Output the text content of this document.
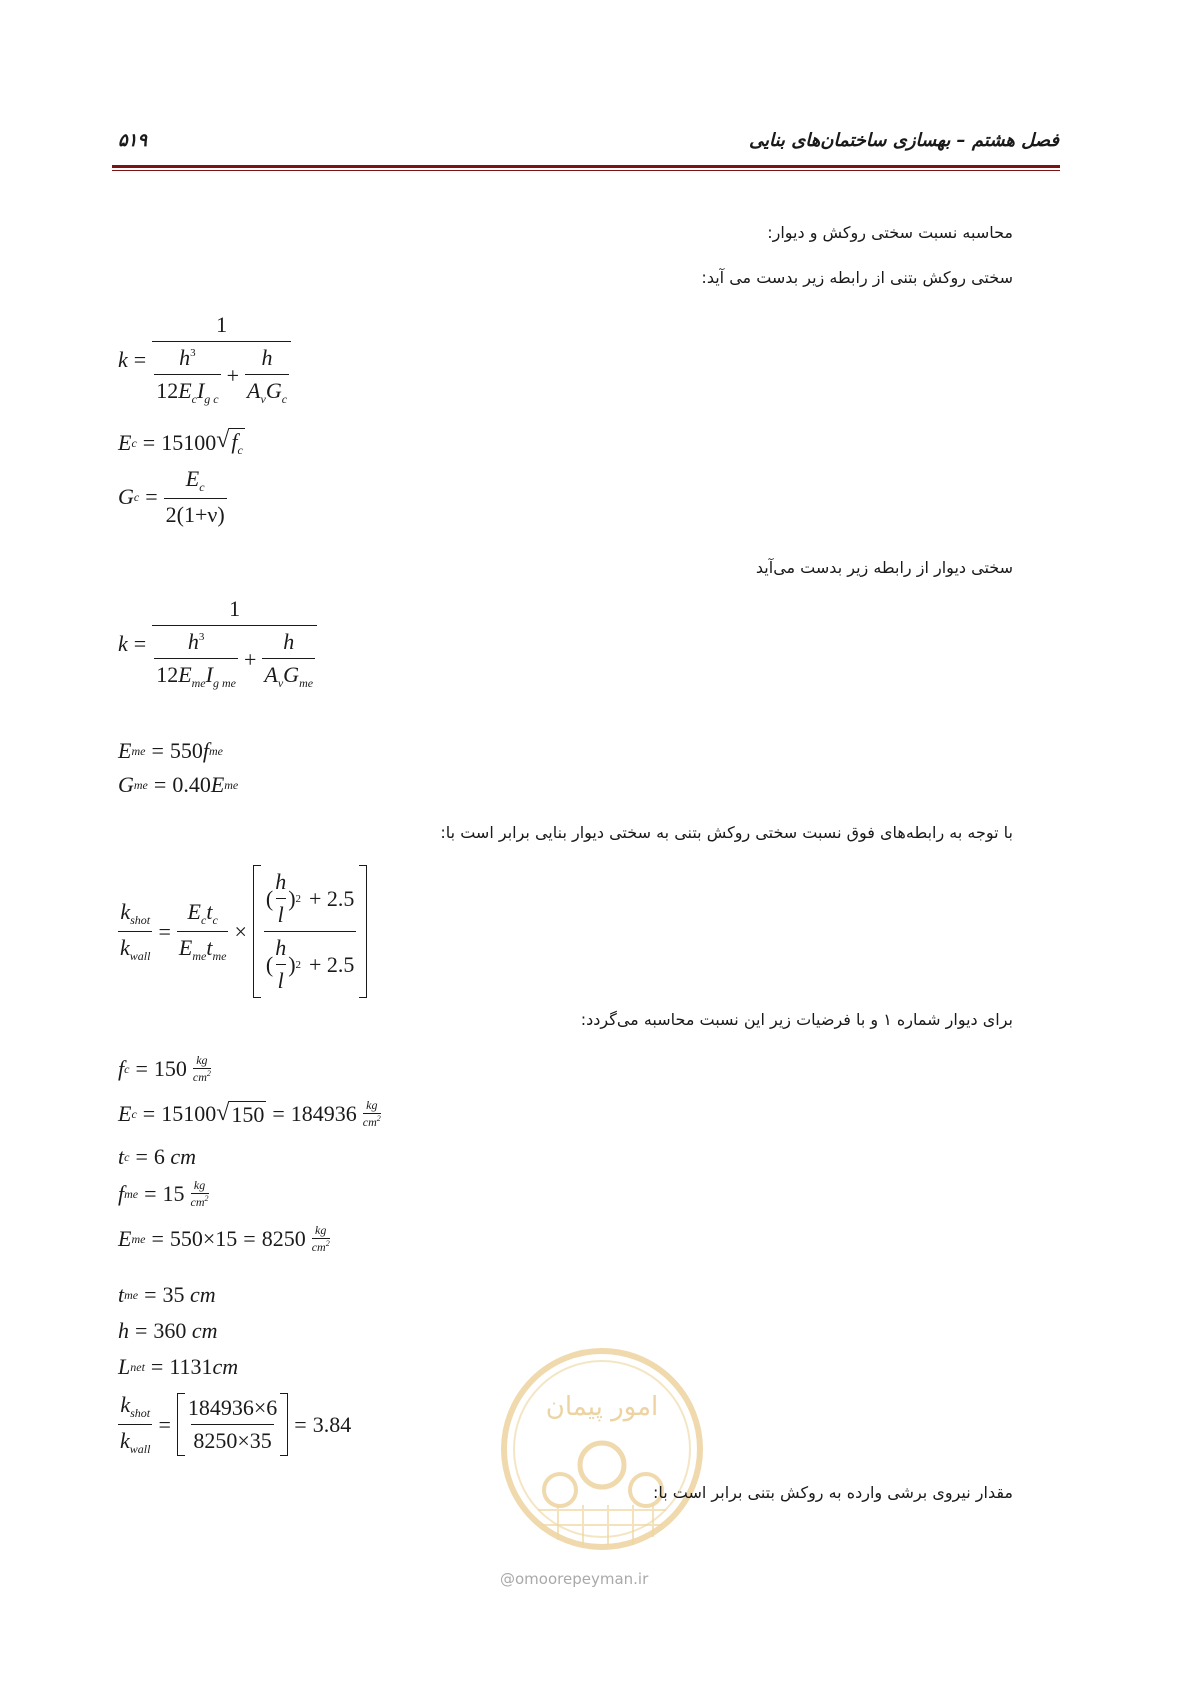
فصل هشتم – بهسازی ساختمان‌های بنایی
۵۱۹
محاسبه نسبت سختی روکش و دیوار:
سختی روکش بتنی از رابطه زیر بدست می آید:
k =
1
$\frac{h^3}{12E_cI_{g c}} + \frac{h}{A_vG_c}$
E c = 15100 √ $f_c$
G $c = \frac{E_c}{2(1+\nu)}$
سختی دیوار از رابطه زیر بدست می‌آید
k =
1
$\frac{h^3}{12E_{me}I_{g me}} + \frac{h}{A_vG_{me}}$
E me = 550 f me
G me = 0.40 E me
با توجه به رابطه‌های فوق نسبت سختی روکش بتنی به سختی دیوار بنایی برابر است با:
$\frac{k_{shot}}{k_{wall}} = \frac{E_ct_c}{E_{me}t_{me}} \times \frac{( \frac{h}{l} ) 2 + 2.5}{( \frac{h}{l} ) 2 + 2.5}$
برای دیوار شماره ۱ و با فرضیات زیر این نسبت محاسبه می‌گردد:
f c = 150 kg
$cm^2$
E c = 15100 √ 150 = 184936 kg
$cm^2$
t c = 6
cm
f me = 15 kg
$cm^2$
E me = 550×15 = 8250 kg
$cm^2$
t me = 35
cm
h = 360
cm
L net = 1131 cm
$\frac{k_{shot}}{k_{wall}} = \frac{184936\times 6}{8250\times 35} = 3.84$
امور پیمان
@omoorepeyman.ir
مقدار نیروی برشی وارده به روکش بتنی برابر است با:
